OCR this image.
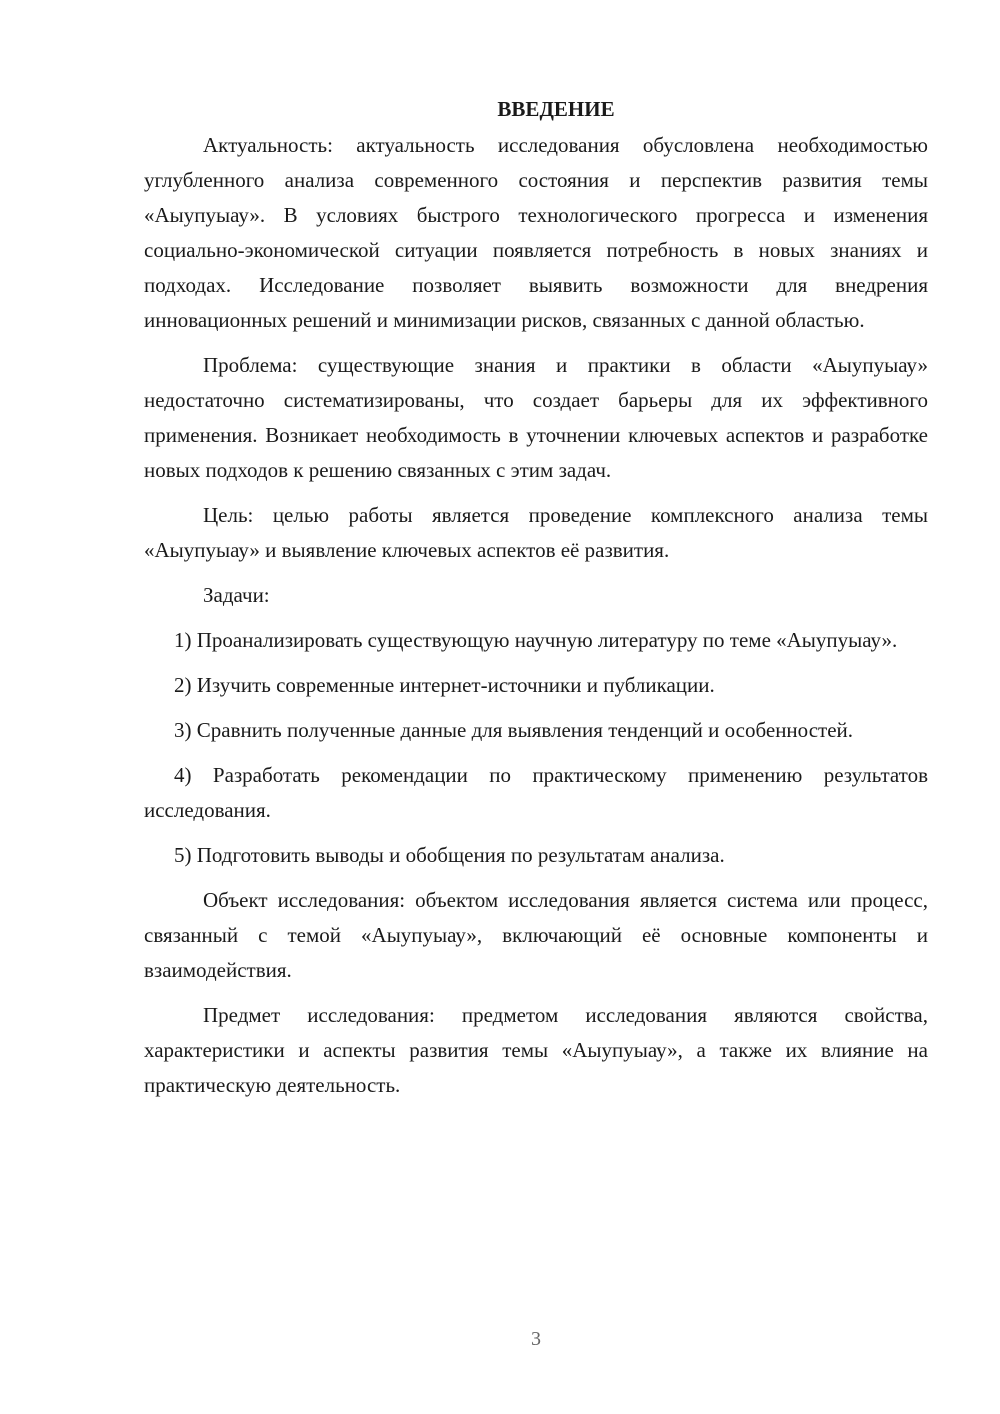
ВВЕДЕНИЕ

Актуальность: актуальность исследования обусловлена необходимостью углубленного анализа современного состояния и перспектив развития темы «Аыупуыау». В условиях быстрого технологического прогресса и изменения социально-экономической ситуации появляется потребность в новых знаниях и подходах. Исследование позволяет выявить возможности для внедрения инновационных решений и минимизации рисков, связанных с данной областью.

Проблема: существующие знания и практики в области «Аыупуыау» недостаточно систематизированы, что создает барьеры для их эффективного применения. Возникает необходимость в уточнении ключевых аспектов и разработке новых подходов к решению связанных с этим задач.

Цель: целью работы является проведение комплексного анализа темы «Аыупуыау» и выявление ключевых аспектов её развития.

Задачи:

1) Проанализировать существующую научную литературу по теме «Аыупуыау».

2) Изучить современные интернет-источники и публикации.

3) Сравнить полученные данные для выявления тенденций и особенностей.

4) Разработать рекомендации по практическому применению результатов исследования.

5) Подготовить выводы и обобщения по результатам анализа.

Объект исследования: объектом исследования является система или процесс, связанный с темой «Аыупуыау», включающий её основные компоненты и взаимодействия.

Предмет исследования: предметом исследования являются свойства, характеристики и аспекты развития темы «Аыупуыау», а также их влияние на практическую деятельность.

3
